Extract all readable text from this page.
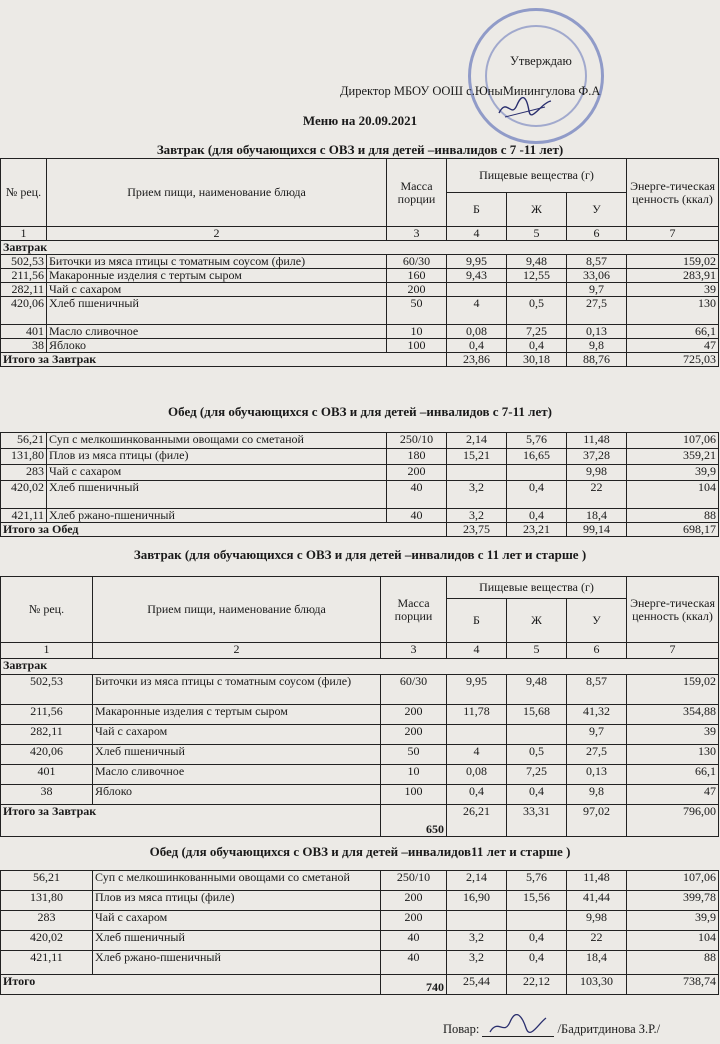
Утверждаю
Директор МБОУ ООШ с.ЮныМинингулова Ф.А
Меню на 20.09.2021
Завтрак (для обучающихся с ОВЗ и для детей –инвалидов с 7 -11 лет)
№ рец.	Прием пищи, наименование блюда	Масса порции	Пищевые вещества (г)			Энерге-тическая ценность (ккал)
			Б	Ж	У	
1	2	3	4	5	6	7
Завтрак						
502,53	Биточки из мяса птицы с томатным соусом (филе)	60/30	9,95	9,48	8,57	159,02
211,56	Макаронные изделия с тертым сыром	160	9,43	12,55	33,06	283,91
282,11	Чай с сахаром	200			9,7	39
420,06	Хлеб пшеничный	50	4	0,5	27,5	130
401	Масло сливочное	10	0,08	7,25	0,13	66,1
38	Яблоко	100	0,4	0,4	9,8	47
Итого за Завтрак			23,86	30,18	88,76	725,03
Обед (для обучающихся с ОВЗ и для детей –инвалидов с 7-11 лет)
56,21	Суп с мелкошинкованными овощами со сметаной	250/10	2,14	5,76	11,48	107,06
131,80	Плов из мяса птицы (филе)	180	15,21	16,65	37,28	359,21
283	Чай с сахаром	200			9,98	39,9
420,02	Хлеб пшеничный	40	3,2	0,4	22	104
421,11	Хлеб ржано-пшеничный	40	3,2	0,4	18,4	88
Итого за Обед			23,75	23,21	99,14	698,17
Завтрак (для обучающихся с ОВЗ и для детей –инвалидов с 11 лет и старше )
№ рец.	Прием пищи, наименование блюда	Масса порции	Пищевые вещества (г)			Энерге-тическая ценность (ккал)
			Б	Ж	У	
1	2	3	4	5	6	7
Завтрак						
502,53	Биточки из мяса птицы с томатным соусом (филе)	60/30	9,95	9,48	8,57	159,02
211,56	Макаронные изделия с тертым сыром	200	11,78	15,68	41,32	354,88
282,11	Чай с сахаром	200			9,7	39
420,06	Хлеб пшеничный	50	4	0,5	27,5	130
401	Масло сливочное	10	0,08	7,25	0,13	66,1
38	Яблоко	100	0,4	0,4	9,8	47
Итого за Завтрак		650	26,21	33,31	97,02	796,00
Обед (для обучающихся с ОВЗ и для детей –инвалидов11 лет и старше )
56,21	Суп с мелкошинкованными овощами со сметаной	250/10	2,14	5,76	11,48	107,06
131,80	Плов из мяса птицы (филе)	200	16,90	15,56	41,44	399,78
283	Чай с сахаром	200			9,98	39,9
420,02	Хлеб пшеничный	40	3,2	0,4	22	104
421,11	Хлеб ржано-пшеничный	40	3,2	0,4	18,4	88
Итого		740	25,44	22,12	103,30	738,74
Повар:	/Бадритдинова З.Р./
